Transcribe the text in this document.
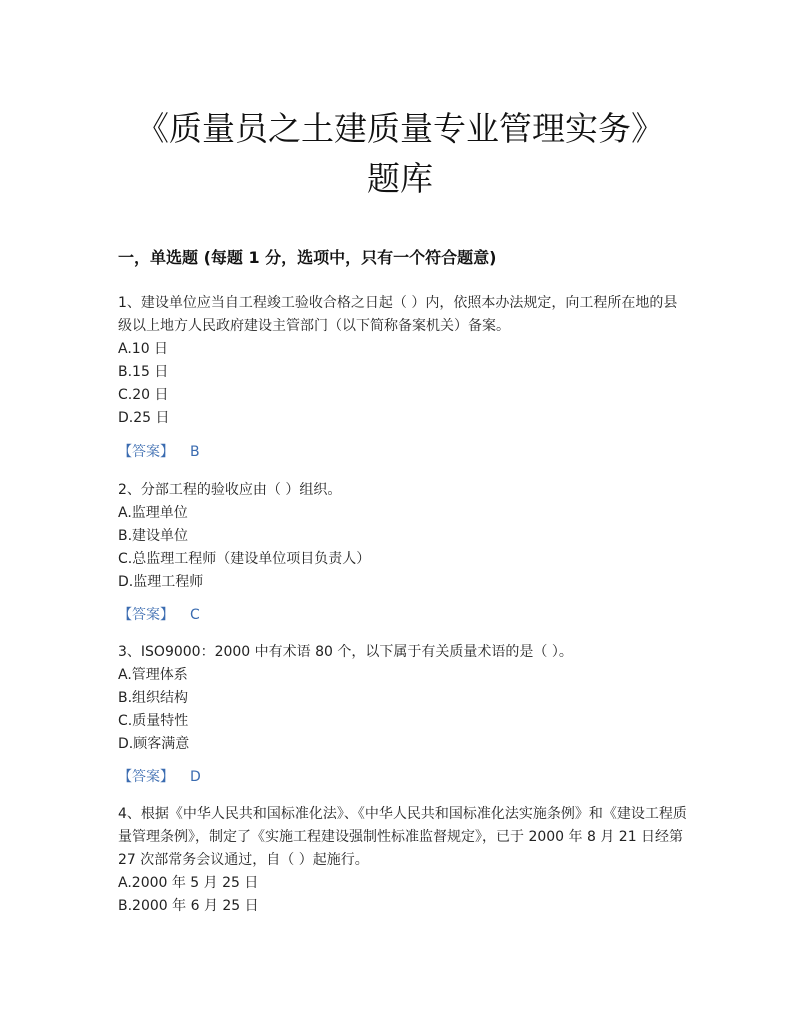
《质量员之土建质量专业管理实务》
题库
一，单选题 (每题 1 分，选项中，只有一个符合题意)

1、建设单位应当自工程竣工验收合格之日起（ ）内，依照本办法规定，向工程所在地的县级以上地方人民政府建设主管部门（以下简称备案机关）备案。

A.10 日
B.15 日
C.20 日
D.25 日
【答案】 B

2、分部工程的验收应由（ ）组织。

A.监理单位
B.建设单位
C.总监理工程师（建设单位项目负责人）
D.监理工程师
【答案】 C

3、ISO9000：2000 中有术语 80 个，以下属于有关质量术语的是（ ）。

A.管理体系
B.组织结构
C.质量特性
D.顾客满意
【答案】 D

4、根据《中华人民共和国标准化法》、《中华人民共和国标准化法实施条例》和《建设工程质量管理条例》，制定了《实施工程建设强制性标准监督规定》，已于 2000 年 8 月 21 日经第 27 次部常务会议通过，自（ ）起施行。

A.2000 年 5 月 25 日
B.2000 年 6 月 25 日
